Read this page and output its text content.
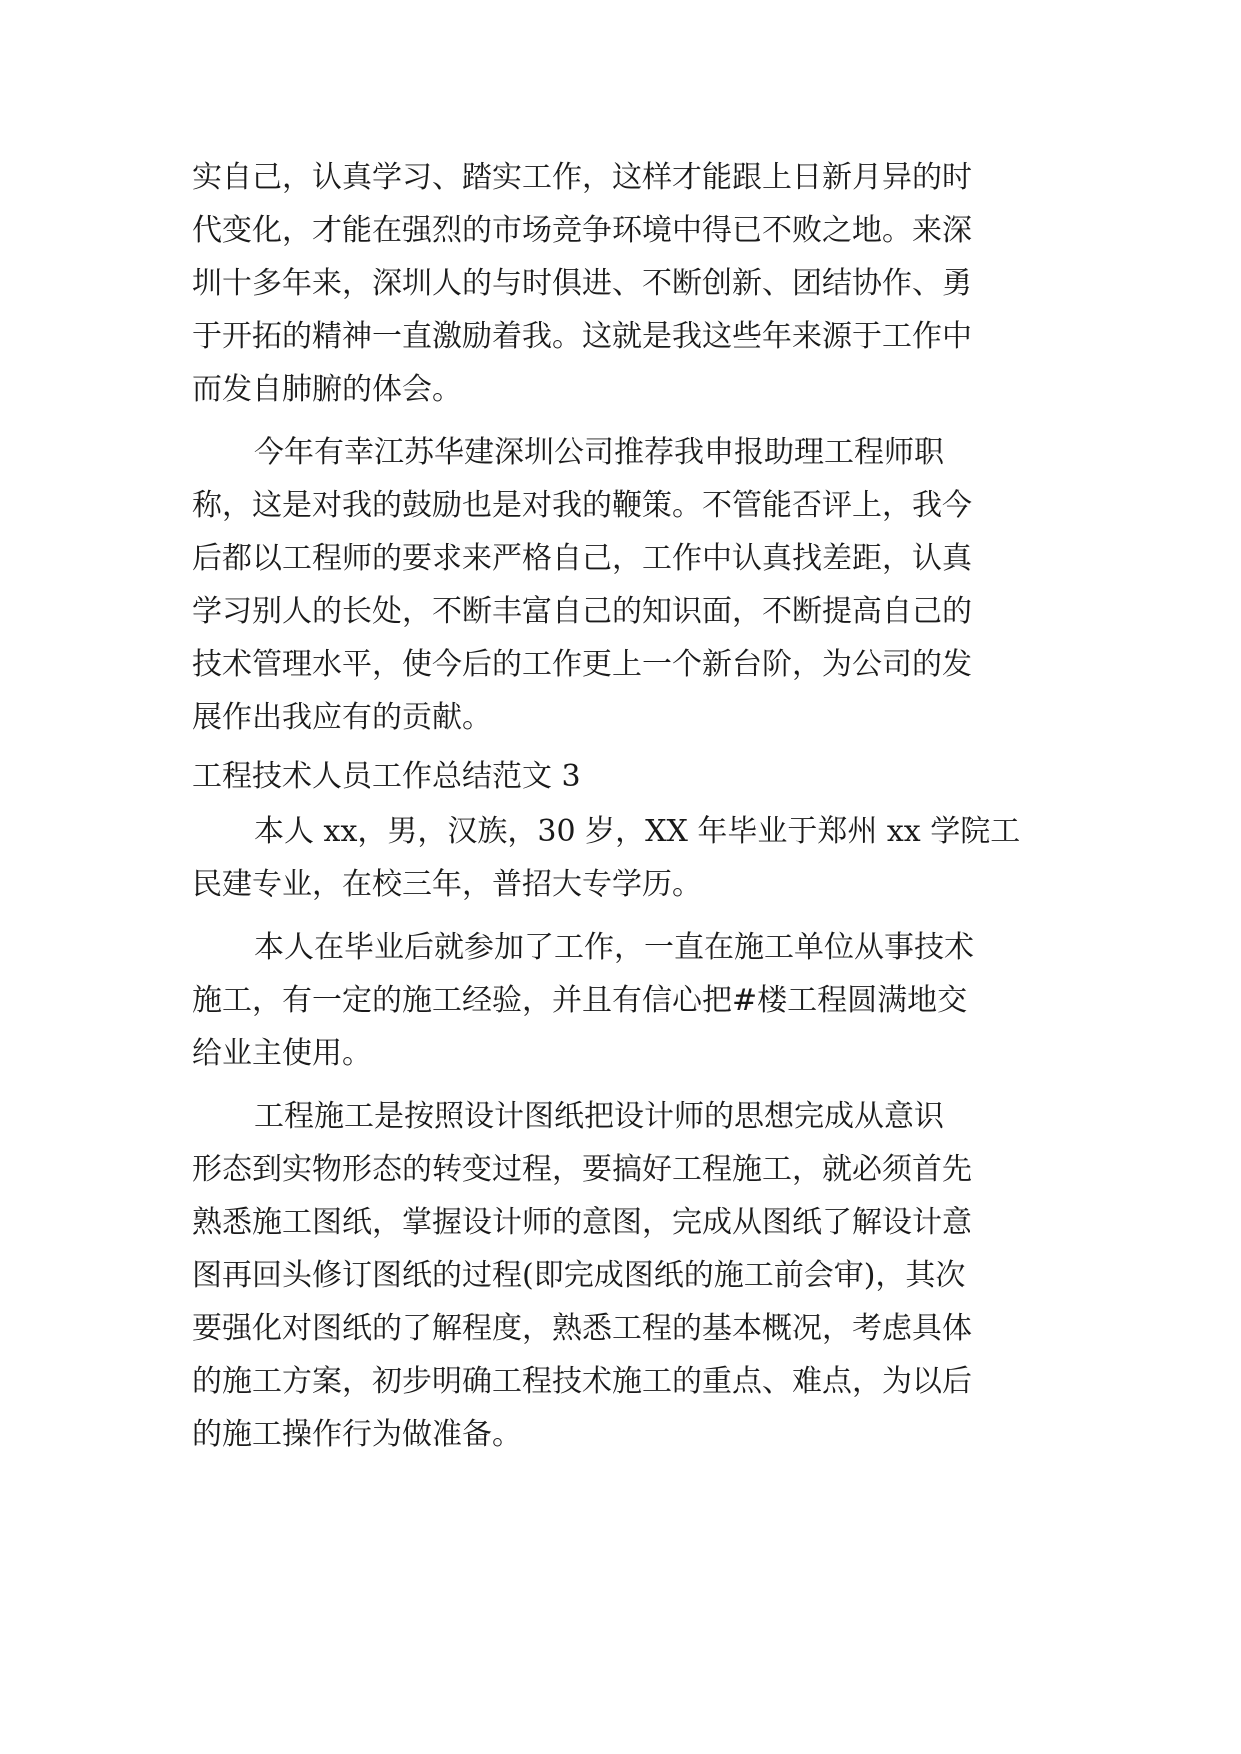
实自己，认真学习、踏实工作，这样才能跟上日新月异的时
代变化，才能在强烈的市场竞争环境中得已不败之地。来深
圳十多年来，深圳人的与时俱进、不断创新、团结协作、勇
于开拓的精神一直激励着我。这就是我这些年来源于工作中
而发自肺腑的体会。
今年有幸江苏华建深圳公司推荐我申报助理工程师职
称，这是对我的鼓励也是对我的鞭策。不管能否评上，我今
后都以工程师的要求来严格自己，工作中认真找差距，认真
学习别人的长处，不断丰富自己的知识面，不断提高自己的
技术管理水平，使今后的工作更上一个新台阶，为公司的发
展作出我应有的贡献。
工程技术人员工作总结范文 3
本人 xx，男，汉族，30 岁，XX 年毕业于郑州 xx 学院工
民建专业，在校三年，普招大专学历。
本人在毕业后就参加了工作，一直在施工单位从事技术
施工，有一定的施工经验，并且有信心把#楼工程圆满地交
给业主使用。
工程施工是按照设计图纸把设计师的思想完成从意识
形态到实物形态的转变过程，要搞好工程施工，就必须首先
熟悉施工图纸，掌握设计师的意图，完成从图纸了解设计意
图再回头修订图纸的过程(即完成图纸的施工前会审)，其次
要强化对图纸的了解程度，熟悉工程的基本概况，考虑具体
的施工方案，初步明确工程技术施工的重点、难点，为以后
的施工操作行为做准备。
